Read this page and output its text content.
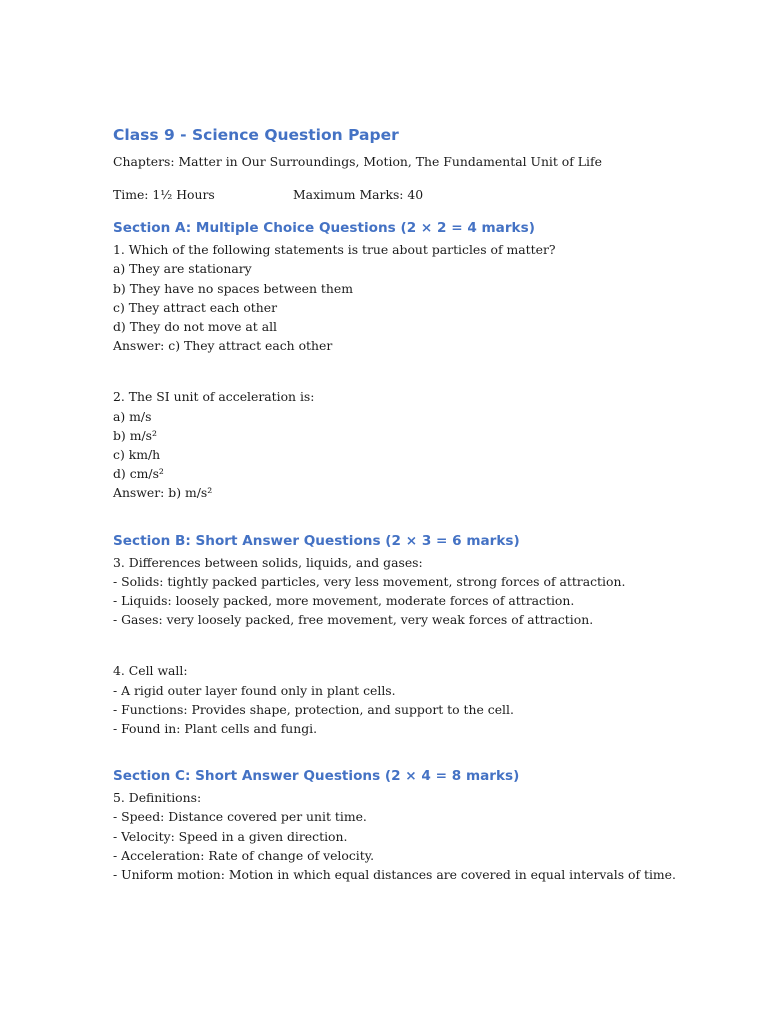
Class 9 - Science Question Paper

Chapters: Matter in Our Surroundings, Motion, The Fundamental Unit of Life

Time: 1½ Hours	Maximum Marks: 40
Section A: Multiple Choice Questions (2 × 2 = 4 marks)

1. Which of the following statements is true about particles of matter?

a) They are stationary

b) They have no spaces between them

c) They attract each other

d) They do not move at all

Answer: c) They attract each other

2. The SI unit of acceleration is:

a) m/s

b) m/s²

c) km/h

d) cm/s²

Answer: b) m/s²

Section B: Short Answer Questions (2 × 3 = 6 marks)

3. Differences between solids, liquids, and gases:

- Solids: tightly packed particles, very less movement, strong forces of attraction.

- Liquids: loosely packed, more movement, moderate forces of attraction.

- Gases: very loosely packed, free movement, very weak forces of attraction.

4. Cell wall:

- A rigid outer layer found only in plant cells.

- Functions: Provides shape, protection, and support to the cell.

- Found in: Plant cells and fungi.

Section C: Short Answer Questions (2 × 4 = 8 marks)

5. Definitions:

- Speed: Distance covered per unit time.

- Velocity: Speed in a given direction.

- Acceleration: Rate of change of velocity.

- Uniform motion: Motion in which equal distances are covered in equal intervals of time.
